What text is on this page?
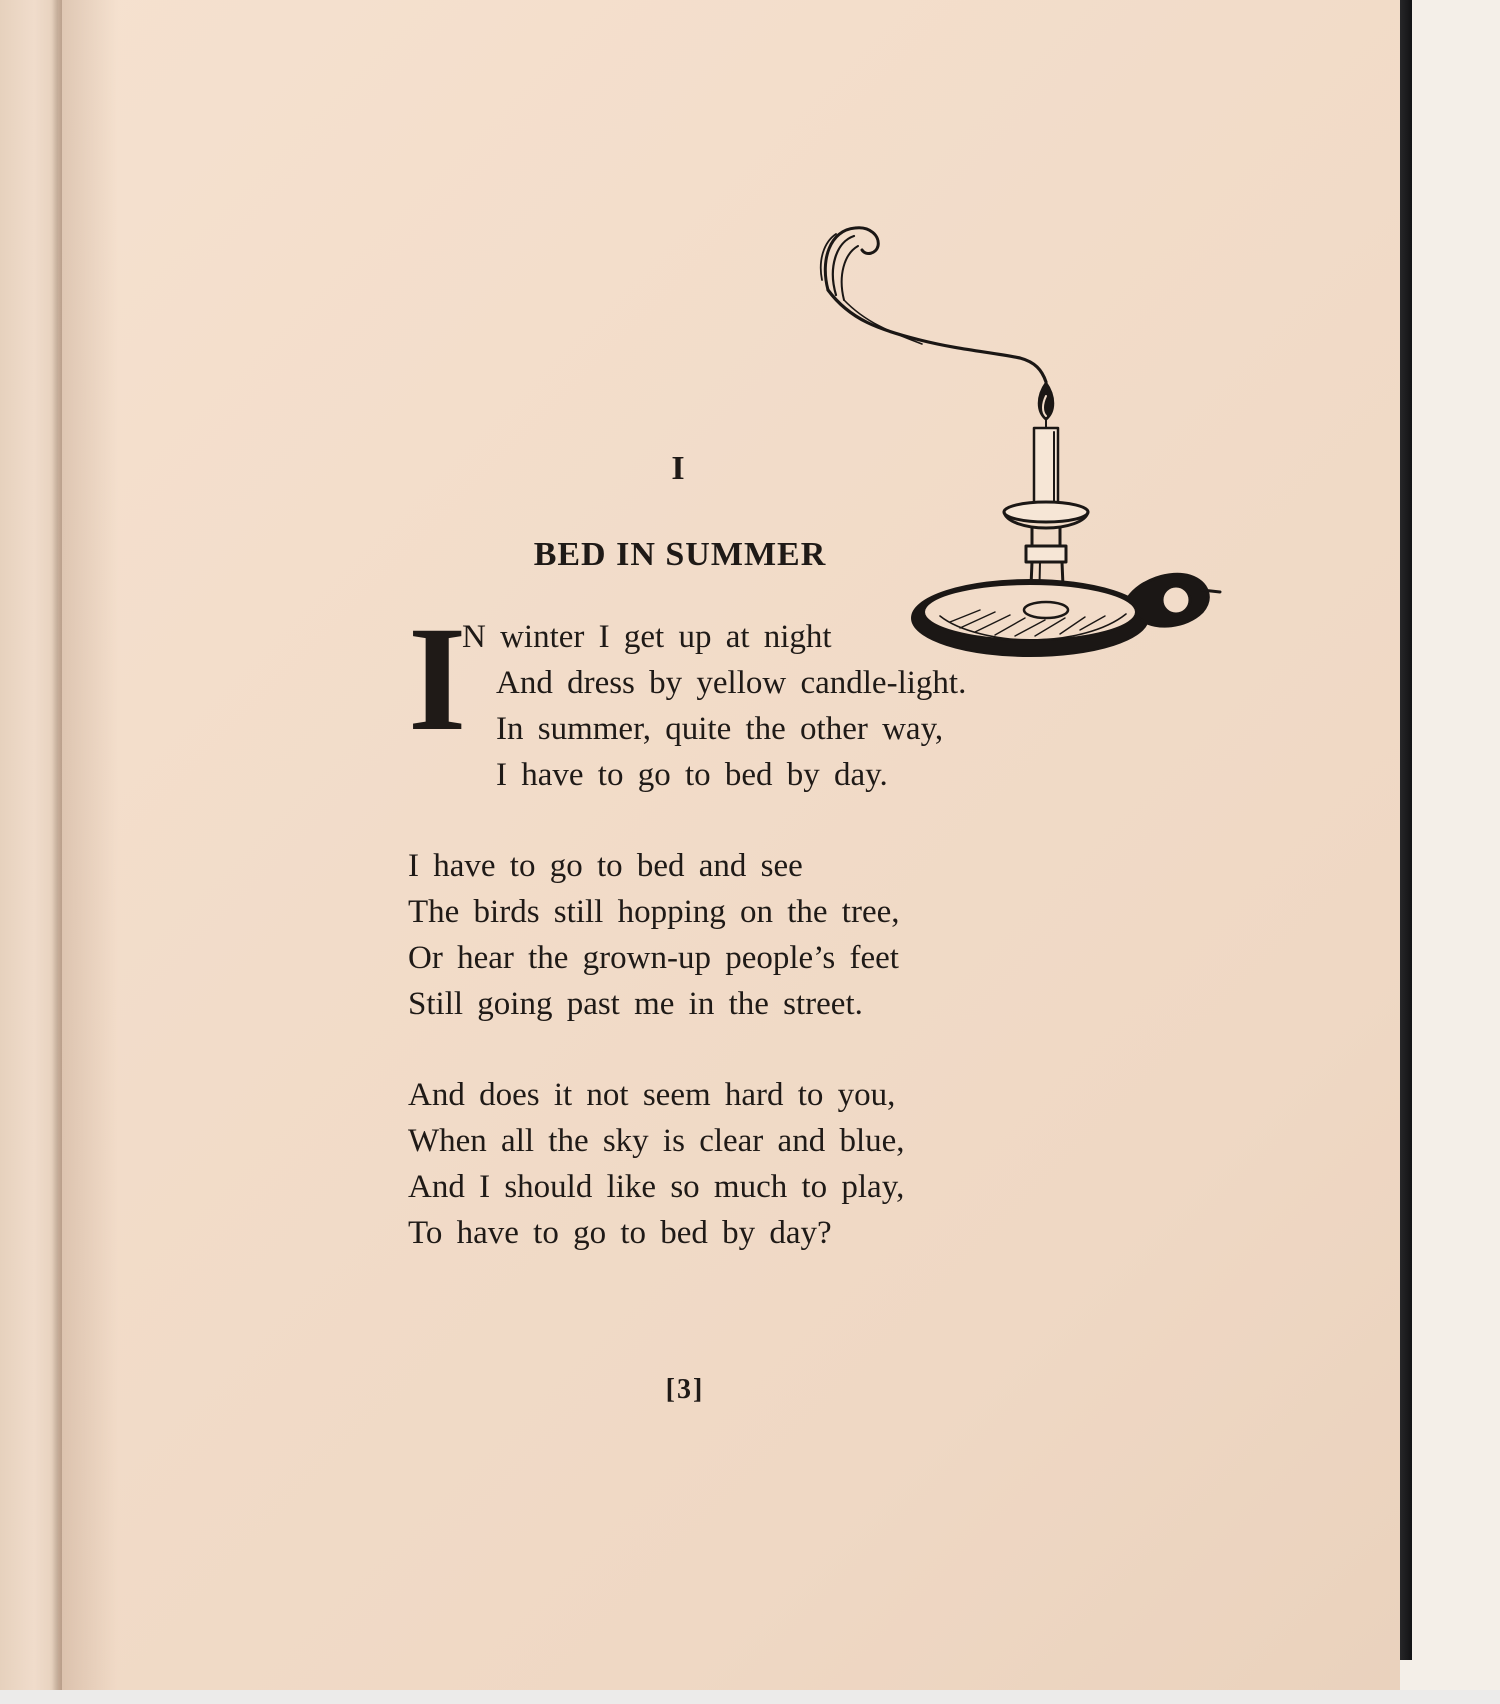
I
BED IN SUMMER
I
N winter I get up at night
And dress by yellow candle-light.
In summer, quite the other way,
I have to go to bed by day.
I have to go to bed and see
The birds still hopping on the tree,
Or hear the grown-up people’s feet
Still going past me in the street.
And does it not seem hard to you,
When all the sky is clear and blue,
And I should like so much to play,
To have to go to bed by day?
[3]
